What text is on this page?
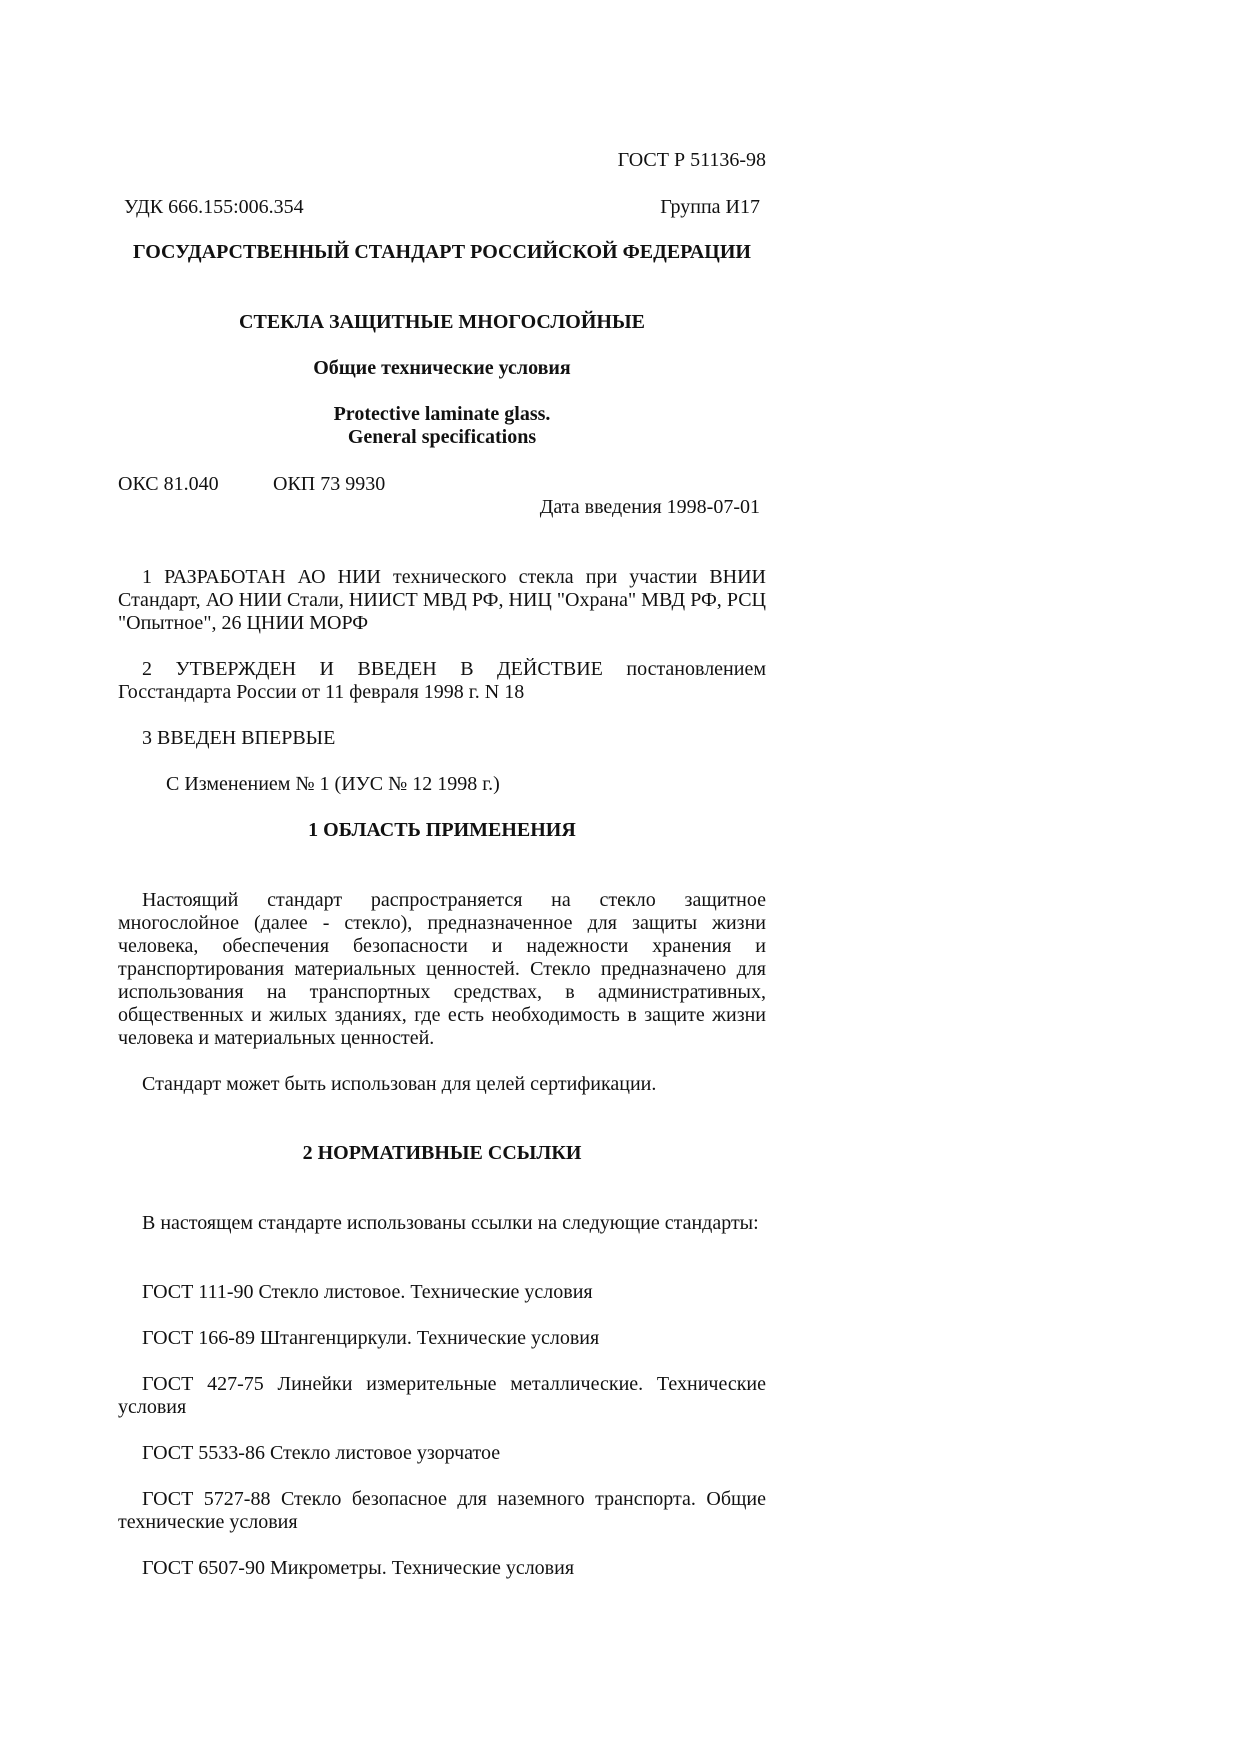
ГОСТ Р 51136-98

УДК 666.155:006.354	Группа И17

ГОСУДАРСТВЕННЫЙ СТАНДАРТ РОССИЙСКОЙ ФЕДЕРАЦИИ

СТЕКЛА ЗАЩИТНЫЕ МНОГОСЛОЙНЫЕ

Общие технические условия

Protective laminate glass.

General specifications

ОКС 81.040	ОКП 73 9930

Дата введения 1998-07-01

1 РАЗРАБОТАН АО НИИ технического стекла при участии ВНИИ Стандарт, АО НИИ Стали, НИИСТ МВД РФ, НИЦ "Охрана" МВД РФ, РСЦ "Опытное", 26 ЦНИИ МОРФ

2 УТВЕРЖДЕН И ВВЕДЕН В ДЕЙСТВИЕ постановлением Госстандарта России от 11 февраля 1998 г. N 18

3 ВВЕДЕН ВПЕРВЫЕ

С Изменением № 1 (ИУС № 12 1998 г.)

1 ОБЛАСТЬ ПРИМЕНЕНИЯ

Настоящий стандарт распространяется на стекло защитное многослойное (далее - стекло), предназначенное для защиты жизни человека, обеспечения безопасности и надежности хранения и транспортирования материальных ценностей. Стекло предназначено для использования на транспортных средствах, в административных, общественных и жилых зданиях, где есть необходимость в защите жизни человека и материальных ценностей.

Стандарт может быть использован для целей сертификации.

2 НОРМАТИВНЫЕ ССЫЛКИ

В настоящем стандарте использованы ссылки на следующие стандарты:

ГОСТ 111-90 Стекло листовое. Технические условия

ГОСТ 166-89 Штангенциркули. Технические условия

ГОСТ 427-75 Линейки измерительные металлические. Технические условия

ГОСТ 5533-86 Стекло листовое узорчатое

ГОСТ 5727-88 Стекло безопасное для наземного транспорта. Общие технические условия

ГОСТ 6507-90 Микрометры. Технические условия
